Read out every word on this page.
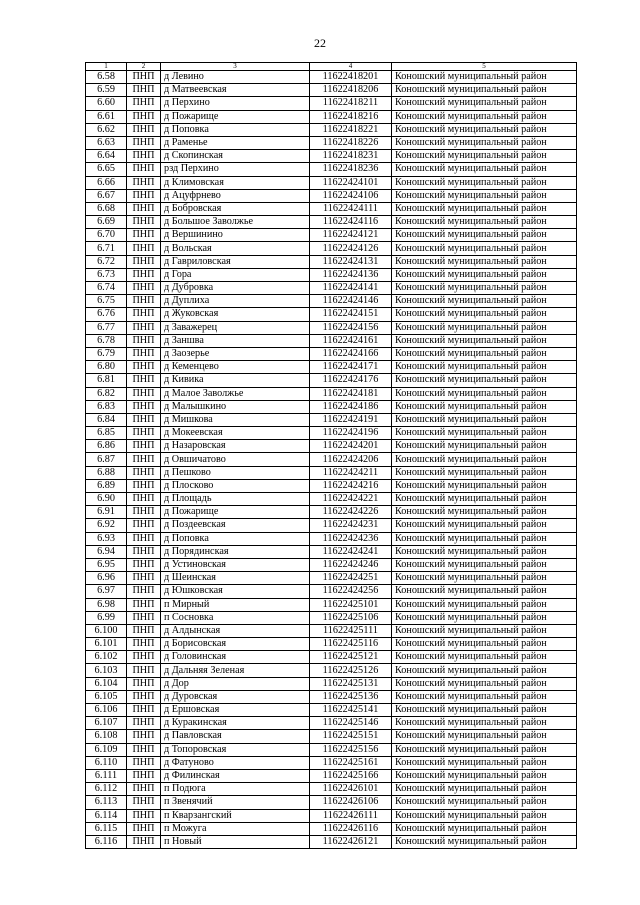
22
1	2	3	4	5
6.58	ПНП	д Левино	11622418201	Коношский муниципальный район
6.59	ПНП	д Матвеевская	11622418206	Коношский муниципальный район
6.60	ПНП	д Перхино	11622418211	Коношский муниципальный район
6.61	ПНП	д Пожарище	11622418216	Коношский муниципальный район
6.62	ПНП	д Поповка	11622418221	Коношский муниципальный район
6.63	ПНП	д Раменье	11622418226	Коношский муниципальный район
6.64	ПНП	д Скопинская	11622418231	Коношский муниципальный район
6.65	ПНП	рзд Перхино	11622418236	Коношский муниципальный район
6.66	ПНП	д Климовская	11622424101	Коношский муниципальный район
6.67	ПНП	д Ацуфрнево	11622424106	Коношский муниципальный район
6.68	ПНП	д Бобровская	11622424111	Коношский муниципальный район
6.69	ПНП	д Большое Заволжье	11622424116	Коношский муниципальный район
6.70	ПНП	д Вершинино	11622424121	Коношский муниципальный район
6.71	ПНП	д Вольская	11622424126	Коношский муниципальный район
6.72	ПНП	д Гавриловская	11622424131	Коношский муниципальный район
6.73	ПНП	д Гора	11622424136	Коношский муниципальный район
6.74	ПНП	д Дубровка	11622424141	Коношский муниципальный район
6.75	ПНП	д Дуплиха	11622424146	Коношский муниципальный район
6.76	ПНП	д Жуковская	11622424151	Коношский муниципальный район
6.77	ПНП	д Заважерец	11622424156	Коношский муниципальный район
6.78	ПНП	д Заншва	11622424161	Коношский муниципальный район
6.79	ПНП	д Заозерье	11622424166	Коношский муниципальный район
6.80	ПНП	д Кеменцево	11622424171	Коношский муниципальный район
6.81	ПНП	д Кивика	11622424176	Коношский муниципальный район
6.82	ПНП	д Малое Заволжье	11622424181	Коношский муниципальный район
6.83	ПНП	д Малышкино	11622424186	Коношский муниципальный район
6.84	ПНП	д Мишкова	11622424191	Коношский муниципальный район
6.85	ПНП	д Мокеевская	11622424196	Коношский муниципальный район
6.86	ПНП	д Назаровская	11622424201	Коношский муниципальный район
6.87	ПНП	д Овшичатово	11622424206	Коношский муниципальный район
6.88	ПНП	д Пешково	11622424211	Коношский муниципальный район
6.89	ПНП	д Плосково	11622424216	Коношский муниципальный район
6.90	ПНП	д Площадь	11622424221	Коношский муниципальный район
6.91	ПНП	д Пожарище	11622424226	Коношский муниципальный район
6.92	ПНП	д Поздеевская	11622424231	Коношский муниципальный район
6.93	ПНП	д Поповка	11622424236	Коношский муниципальный район
6.94	ПНП	д Порядинская	11622424241	Коношский муниципальный район
6.95	ПНП	д Устиновская	11622424246	Коношский муниципальный район
6.96	ПНП	д Шеинская	11622424251	Коношский муниципальный район
6.97	ПНП	д Юшковская	11622424256	Коношский муниципальный район
6.98	ПНП	п Мирный	11622425101	Коношский муниципальный район
6.99	ПНП	п Сосновка	11622425106	Коношский муниципальный район
6.100	ПНП	д Алдынская	11622425111	Коношский муниципальный район
6.101	ПНП	д Борисовская	11622425116	Коношский муниципальный район
6.102	ПНП	д Головинская	11622425121	Коношский муниципальный район
6.103	ПНП	д Дальняя Зеленая	11622425126	Коношский муниципальный район
6.104	ПНП	д Дор	11622425131	Коношский муниципальный район
6.105	ПНП	д Дуровская	11622425136	Коношский муниципальный район
6.106	ПНП	д Ершовская	11622425141	Коношский муниципальный район
6.107	ПНП	д Куракинская	11622425146	Коношский муниципальный район
6.108	ПНП	д Павловская	11622425151	Коношский муниципальный район
6.109	ПНП	д Топоровская	11622425156	Коношский муниципальный район
6.110	ПНП	д Фатуново	11622425161	Коношский муниципальный район
6.111	ПНП	д Филинская	11622425166	Коношский муниципальный район
6.112	ПНП	п Подюга	11622426101	Коношский муниципальный район
6.113	ПНП	п Звенячий	11622426106	Коношский муниципальный район
6.114	ПНП	п Кварзангский	11622426111	Коношский муниципальный район
6.115	ПНП	п Можуга	11622426116	Коношский муниципальный район
6.116	ПНП	п Новый	11622426121	Коношский муниципальный район
